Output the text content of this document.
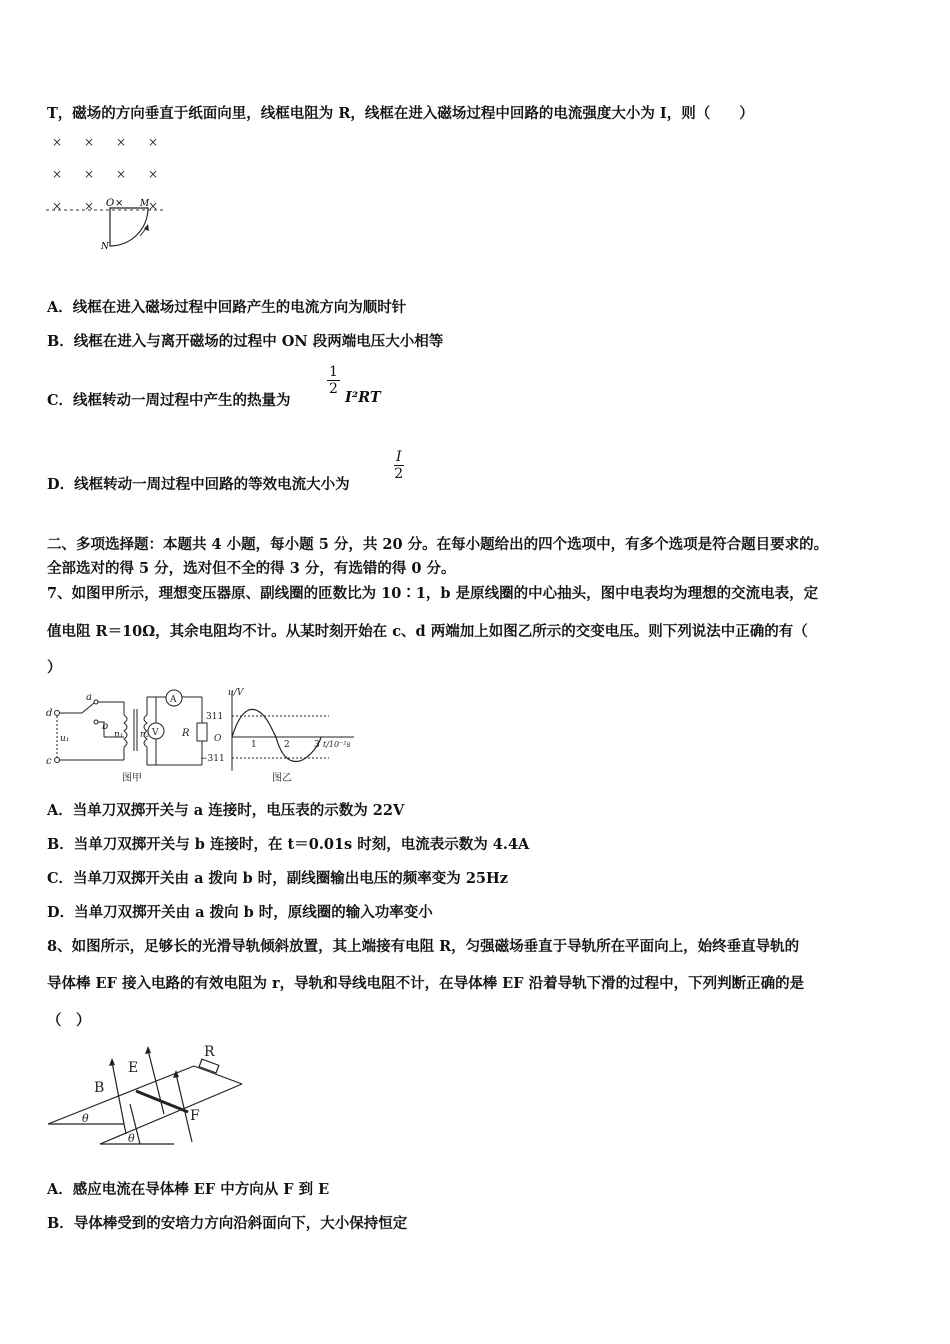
T，磁场的方向垂直于纸面向里，线框电阻为 R，线框在进入磁场过程中回路的电流强度大小为 I，则（　　）
× × × ×
× × × ×
× ×	×
O × M
N
A．线框在进入磁场过程中回路产生的电流方向为顺时针
B．线框在进入与离开磁场的过程中 ON 段两端电压大小相等
C．线框转动一周过程中产生的热量为
$\frac{1}{2}$
I²RT
D．线框转动一周过程中回路的等效电流大小为
$\frac{I}{2}$
二、多项选择题：本题共 4 小题，每小题 5 分，共 20 分。在每小题给出的四个选项中，有多个选项是符合题目要求的。
全部选对的得 5 分，选对但不全的得 3 分，有选错的得 0 分。
7、如图甲所示，理想变压器原、副线圈的匝数比为 10∶1，b 是原线圈的中心抽头，图中电表均为理想的交流电表，定
值电阻 R＝10Ω，其余电阻均不计。从某时刻开始在 c、d 两端加上如图乙所示的交变电压。则下列说法中正确的有（
）
d
c
a
b
u₁	n₁ n₂
A
V R
图甲	图乙
u/V
311
O
−311
1	2	3 t/10⁻²s
A．当单刀双掷开关与 a 连接时，电压表的示数为 22V
B．当单刀双掷开关与 b 连接时，在 t＝0.01s 时刻，电流表示数为 4.4A
C．当单刀双掷开关由 a 拨向 b 时，副线圈输出电压的频率变为 25Hz
D．当单刀双掷开关由 a 拨向 b 时，原线圈的输入功率变小
8、如图所示，足够长的光滑导轨倾斜放置，其上端接有电阻 R，匀强磁场垂直于导轨所在平面向上，始终垂直导轨的
导体棒 EF 接入电路的有效电阻为 r，导轨和导线电阻不计，在导体棒 EF 沿着导轨下滑的过程中，下列判断正确的是
（　）
B
E
F
R
θ
θ
A．感应电流在导体棒 EF 中方向从 F 到 E
B．导体棒受到的安培力方向沿斜面向下，大小保持恒定
